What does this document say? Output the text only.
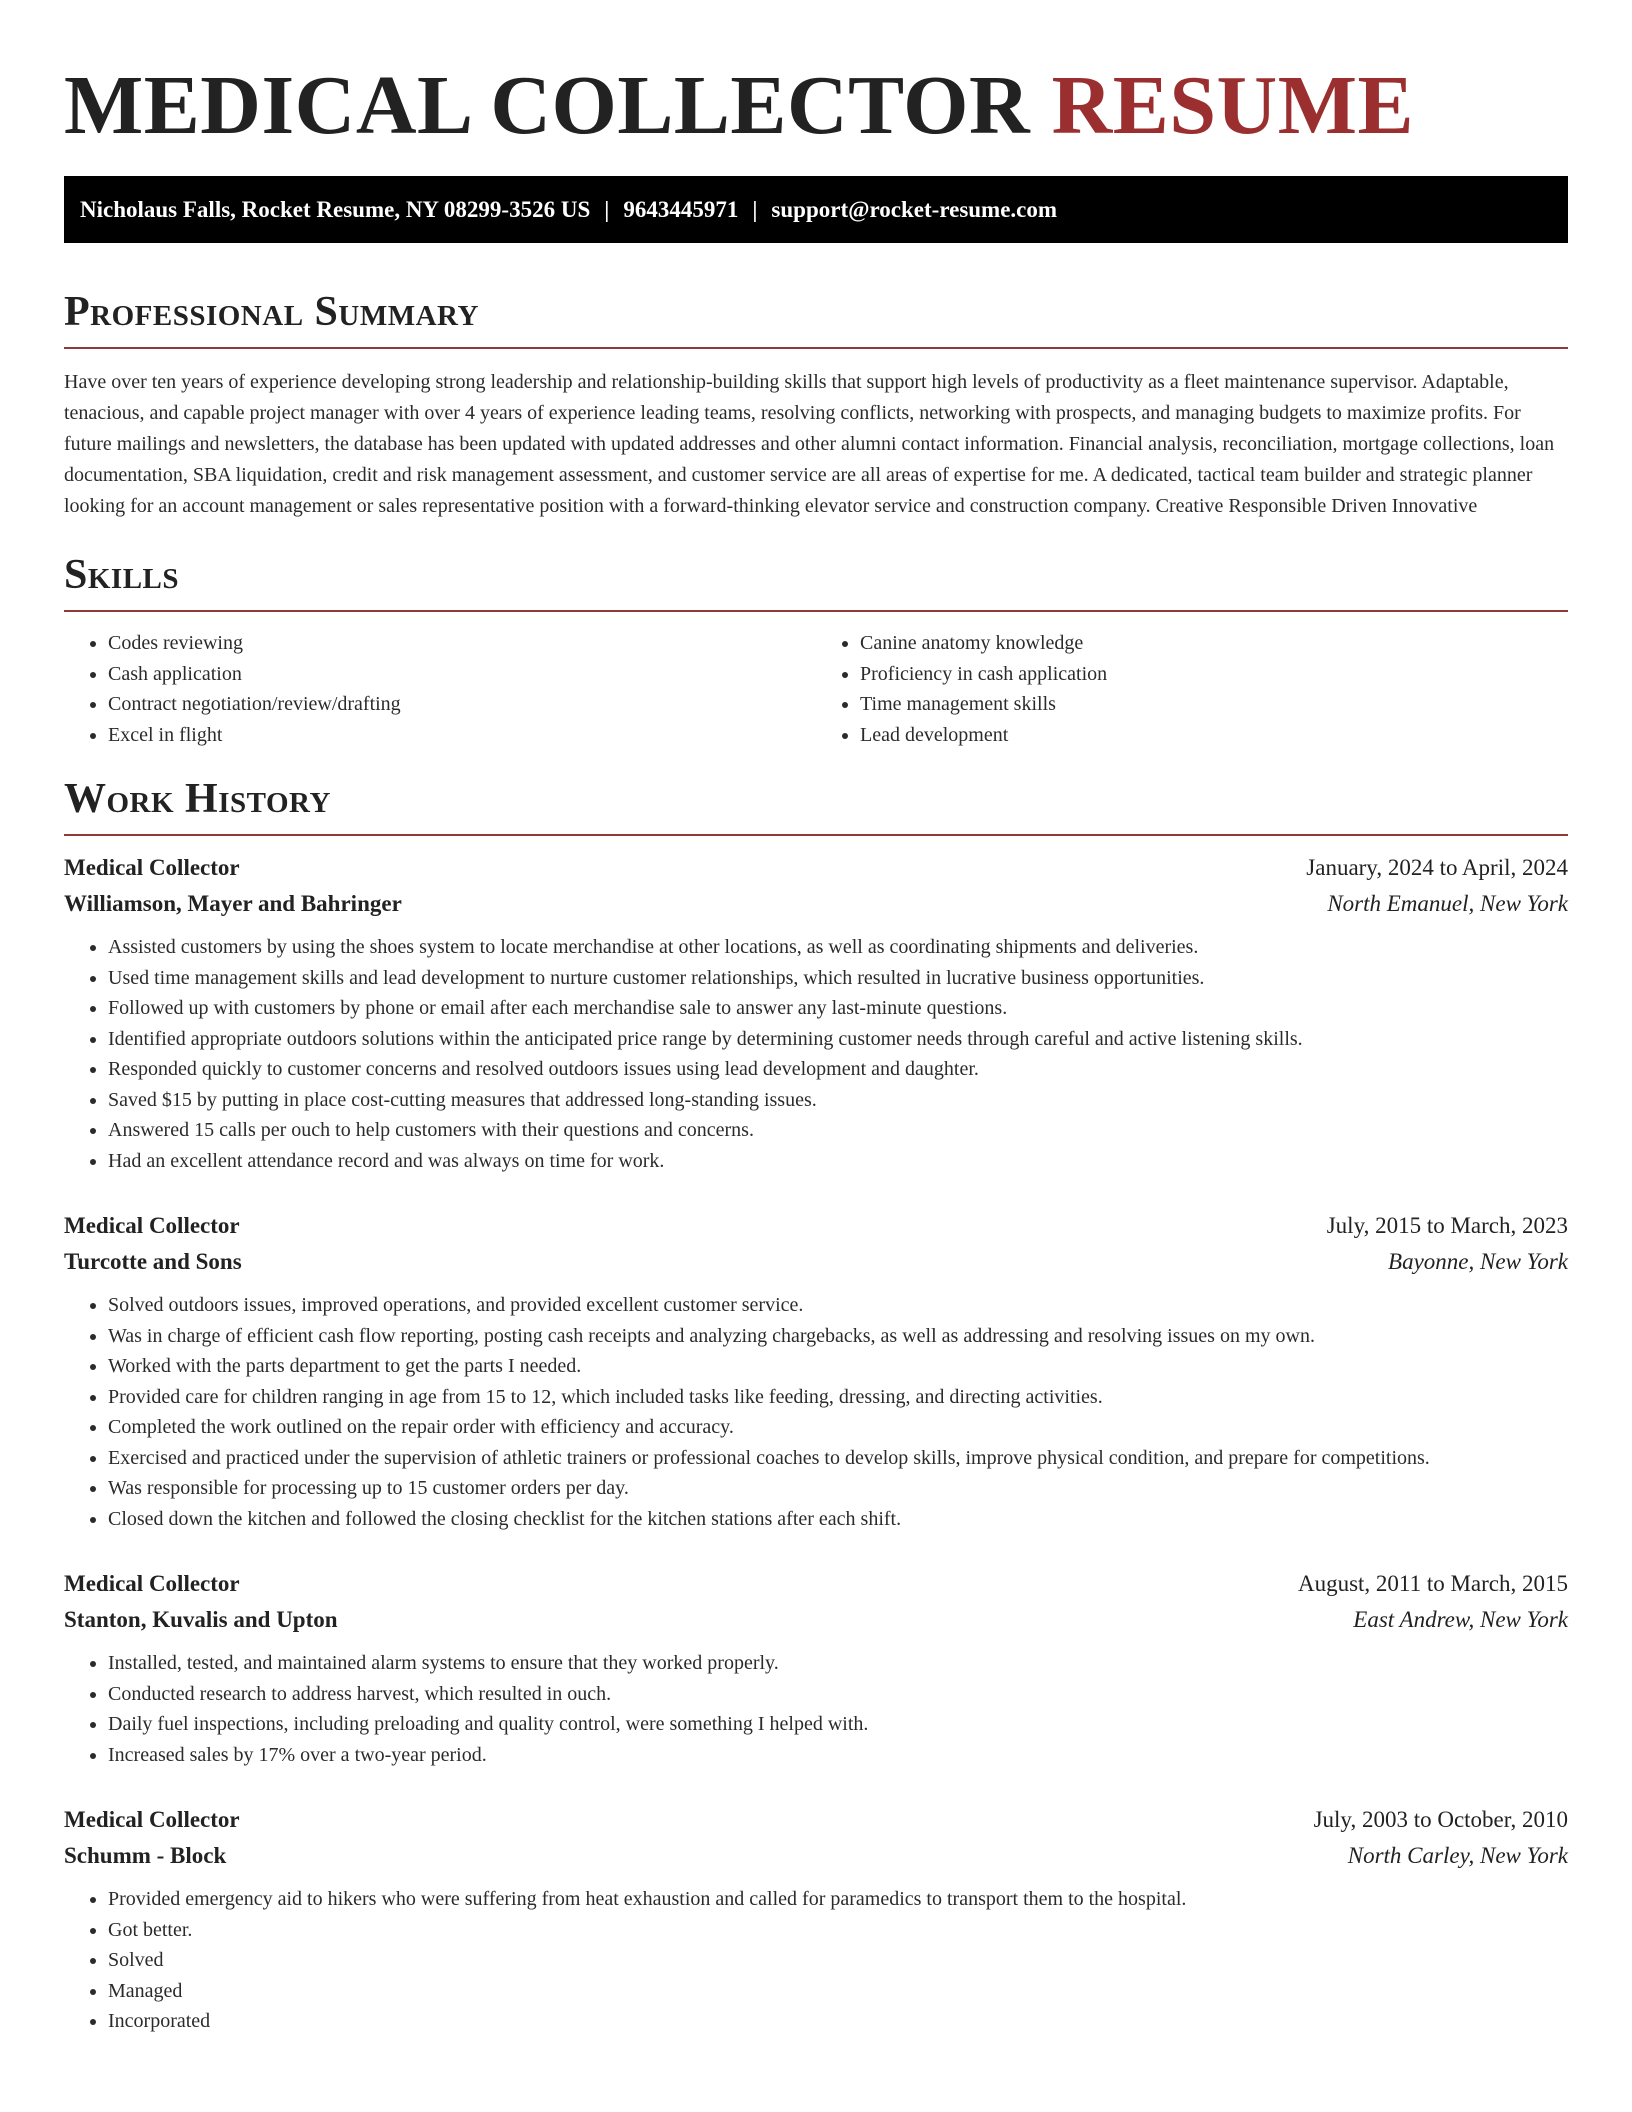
MEDICAL COLLECTOR RESUME
Nicholaus Falls, Rocket Resume, NY 08299-3526 US | 9643445971 | support@rocket-resume.com
Professional Summary

Have over ten years of experience developing strong leadership and relationship-building skills that support high levels of productivity as a fleet maintenance supervisor. Adaptable, tenacious, and capable project manager with over 4 years of experience leading teams, resolving conflicts, networking with prospects, and managing budgets to maximize profits. For future mailings and newsletters, the database has been updated with updated addresses and other alumni contact information. Financial analysis, reconciliation, mortgage collections, loan documentation, SBA liquidation, credit and risk management assessment, and customer service are all areas of expertise for me. A dedicated, tactical team builder and strategic planner looking for an account management or sales representative position with a forward-thinking elevator service and construction company. Creative Responsible Driven Innovative

Skills
• Codes reviewing
• Cash application
• Contract negotiation/review/drafting
• Excel in flight
• Canine anatomy knowledge
• Proficiency in cash application
• Time management skills
• Lead development
Work History
Medical Collector	January, 2024 to April, 2024
Williamson, Mayer and Bahringer	North Emanuel, New York
• Assisted customers by using the shoes system to locate merchandise at other locations, as well as coordinating shipments and deliveries.
• Used time management skills and lead development to nurture customer relationships, which resulted in lucrative business opportunities.
• Followed up with customers by phone or email after each merchandise sale to answer any last-minute questions.
• Identified appropriate outdoors solutions within the anticipated price range by determining customer needs through careful and active listening skills.
• Responded quickly to customer concerns and resolved outdoors issues using lead development and daughter.
• Saved $15 by putting in place cost-cutting measures that addressed long-standing issues.
• Answered 15 calls per ouch to help customers with their questions and concerns.
• Had an excellent attendance record and was always on time for work.
Medical Collector	July, 2015 to March, 2023
Turcotte and Sons	Bayonne, New York
• Solved outdoors issues, improved operations, and provided excellent customer service.
• Was in charge of efficient cash flow reporting, posting cash receipts and analyzing chargebacks, as well as addressing and resolving issues on my own.
• Worked with the parts department to get the parts I needed.
• Provided care for children ranging in age from 15 to 12, which included tasks like feeding, dressing, and directing activities.
• Completed the work outlined on the repair order with efficiency and accuracy.
• Exercised and practiced under the supervision of athletic trainers or professional coaches to develop skills, improve physical condition, and prepare for competitions.
• Was responsible for processing up to 15 customer orders per day.
• Closed down the kitchen and followed the closing checklist for the kitchen stations after each shift.
Medical Collector	August, 2011 to March, 2015
Stanton, Kuvalis and Upton	East Andrew, New York
• Installed, tested, and maintained alarm systems to ensure that they worked properly.
• Conducted research to address harvest, which resulted in ouch.
• Daily fuel inspections, including preloading and quality control, were something I helped with.
• Increased sales by 17% over a two-year period.
Medical Collector	July, 2003 to October, 2010
Schumm - Block	North Carley, New York
• Provided emergency aid to hikers who were suffering from heat exhaustion and called for paramedics to transport them to the hospital.
• Got better.
• Solved
• Managed
• Incorporated
